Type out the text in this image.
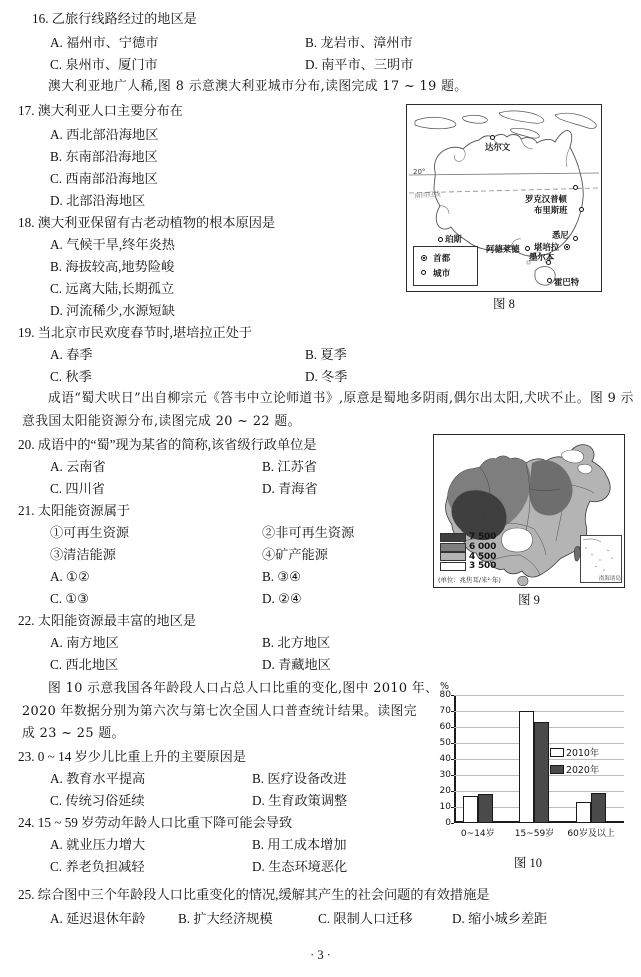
16. 乙旅行线路经过的地区是
A. 福州市、宁德市	B. 龙岩市、漳州市
C. 泉州市、厦门市	D. 南平市、三明市
澳大利亚地广人稀,图 8 示意澳大利亚城市分布,读图完成 17 ~ 19 题。
17. 澳大利亚人口主要分布在
A. 西北部沿海地区
B. 东南部沿海地区
C. 西南部沿海地区
D. 北部沿海地区
18. 澳大利亚保留有古老动植物的根本原因是
A. 气候干旱,终年炎热
B. 海拔较高,地势险峻
C. 远离大陆,长期孤立
D. 河流稀少,水源短缺
19. 当北京市民欢度春节时,堪培拉正处于
A. 春季	B. 夏季
C. 秋季	D. 冬季
成语“蜀犬吠日”出自柳宗元《答韦中立论师道书》,原意是蜀地多阴雨,偶尔出太阳,犬吠不止。图 9 示
意我国太阳能资源分布,读图完成 20 ~ 22 题。
20. 成语中的“蜀”现为某省的简称,该省级行政单位是
A. 云南省	B. 江苏省
C. 四川省	D. 青海省
21. 太阳能资源属于
①可再生资源	②非可再生资源
③清洁能源	④矿产能源
A. ①②	B. ③④
C. ①③	D. ②④
22. 太阳能资源最丰富的地区是
A. 南方地区	B. 北方地区
C. 西北地区	D. 青藏地区
图 10 示意我国各年龄段人口占总人口比重的变化,图中 2010 年、
2020 年数据分别为第六次与第七次全国人口普查统计结果。读图完
成 23 ~ 25 题。
23. 0 ~ 14 岁少儿比重上升的主要原因是
A. 教育水平提高	B. 医疗设备改进
C. 传统习俗延续	D. 生育政策调整
24. 15 ~ 59 岁劳动年龄人口比重下降可能会导致
A. 就业压力增大	B. 用工成本增加
C. 养老负担减轻	D. 生态环境恶化
25. 综合图中三个年龄段人口比重变化的情况,缓解其产生的社会问题的有效措施是
A. 延迟退休年龄 B. 扩大经济规模	C. 限制人口迁移	D. 缩小城乡差距
20°
南回归线
达尔文
珀斯
阿德莱德
罗克汉普顿
布里斯班
悉尼
堪培拉
墨尔本
霍巴特
首都
城市
图 8
南海诸岛
7 500
6 000
4 500
3 500
(单位：兆焦耳/米²·年)
图 9
%
0
10
20
30
40
50
60
70
80
0~14岁 15~59岁 60岁及以上
2010年
2020年
图 10
· 3 ·
